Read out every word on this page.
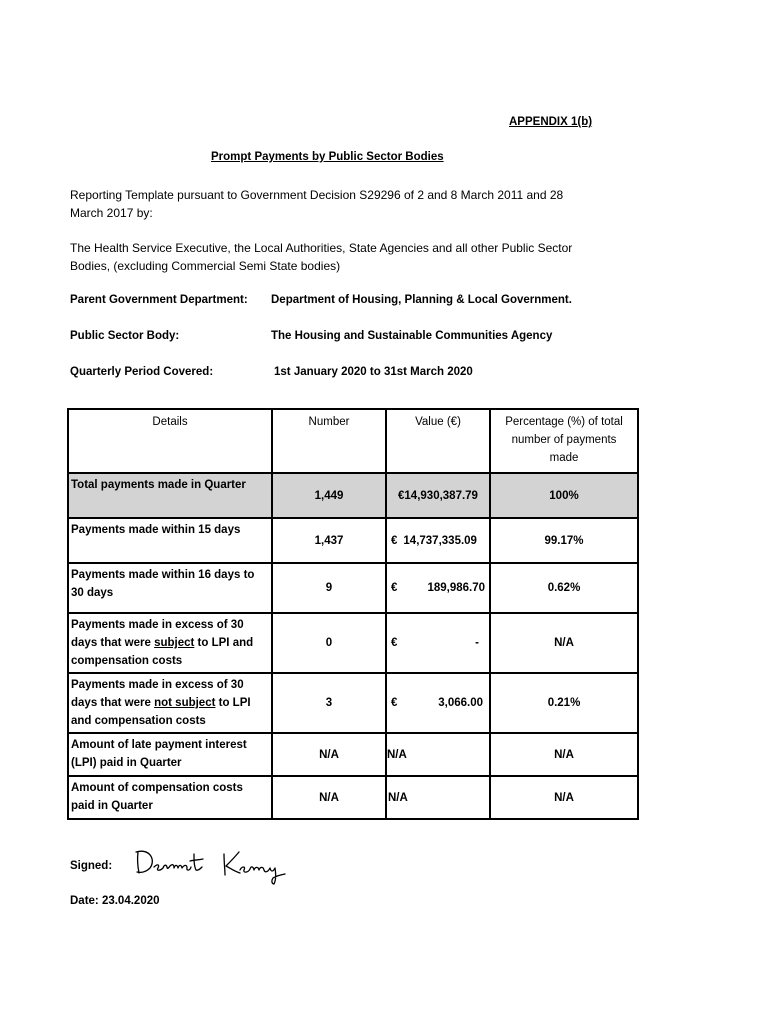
APPENDIX 1(b)
Prompt Payments by Public Sector Bodies
Reporting Template pursuant to Government Decision S29296 of 2 and 8 March 2011 and 28 March 2017 by:
The Health Service Executive, the Local Authorities, State Agencies and all other Public Sector Bodies, (excluding Commercial Semi State bodies)
Parent Government Department: Department of Housing, Planning & Local Government.
Public Sector Body:	The Housing and Sustainable Communities Agency
Quarterly Period Covered:	1st January 2020 to 31st March 2020
Details	Number	Value (€)	Percentage (%) of total number of payments made
Total payments made in Quarter	1,449	€14,930,387.79	100%
Payments made within 15 days	1,437	€ 14,737,335.09	99.17%
Payments made within 16 days to 30 days	9	€ 189,986.70	0.62%
Payments made in excess of 30 days that were subject to LPI and compensation costs	0	€ -	N/A
Payments made in excess of 30 days that were not subject to LPI and compensation costs	3	€ 3,066.00	0.21%
Amount of late payment interest (LPI) paid in Quarter	N/A	N/A	N/A
Amount of compensation costs paid in Quarter	N/A	N/A	N/A
Signed:
Date: 23.04.2020
